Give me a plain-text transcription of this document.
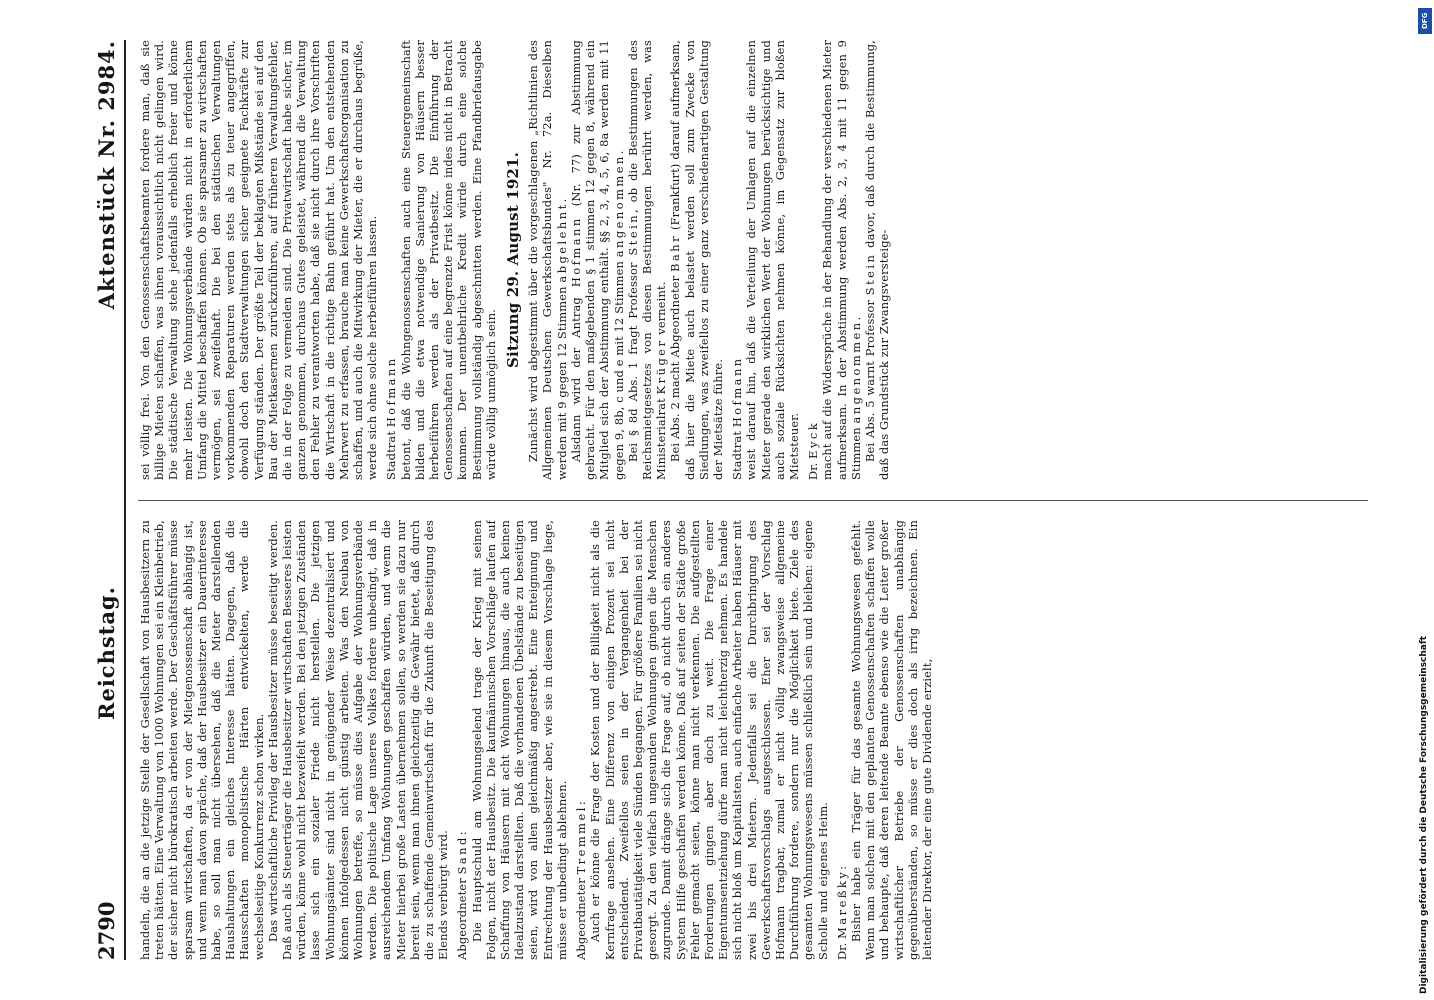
2790
Reichstag.
Aktenstück Nr. 2984.

handeln, die an die jetzige Stelle der Gesellschaft von Hausbesitzern zu treten hätten. Eine Verwaltung von 1000 Wohnungen sei ein Kleinbetrieb, der sicher nicht bürokratisch arbeiten werde. Der Geschäftsführer müsse sparsam wirtschaften, da er von der Mietgenossenschaft abhängig ist, und wenn man davon spräche, daß der Hausbesitzer ein Dauerinteresse habe, so soll man nicht übersehen, daß die Mieter darstellenden Haushaltungen ein gleiches Interesse hätten. Dagegen, daß die Hausschaften monopolistische Härten entwickelten, werde die wechselseitige Konkurrenz schon wirken. Das wirtschaftliche Privileg der Hausbesitzer müsse beseitigt werden. Daß auch als Steuerträger die Hausbesitzer wirtschaften Besseres leisten würden, könne wohl nicht bezweifelt werden. Bei den jetzigen Zuständen lasse sich ein sozialer Friede nicht herstellen. Die jetzigen Wohnungsämter sind nicht in genügender Weise dezentralisiert und können infolgedessen nicht günstig arbeiten. Was den Neubau von Wohnungen betreffe, so müsse dies Aufgabe der Wohnungsverbände werden. Die politische Lage unseres Volkes fordere unbedingt, daß in ausreichendem Umfang Wohnungen geschaffen würden, und wenn die Mieter hierbei große Lasten übernehmen sollen, so werden sie dazu nur bereit sein, wenn man ihnen gleichzeitig die Gewähr bietet, daß durch die zu schaffende Gemeinwirtschaft für die Zukunft die Beseitigung des Elends verbürgt wird. Abgeordneter Sand: Die Hauptschuld am Wohnungselend trage der Krieg mit seinen Folgen, nicht der Hausbesitz. Die kaufmännischen Vorschläge laufen auf Schaffung von Häusern mit acht Wohnungen hinaus, die auch keinen Idealzustand darstellten. Daß die vorhandenen Übelstände zu beseitigen seien, wird von allen gleichmäßig angestrebt. Eine Enteignung und Entrechtung der Hausbesitzer aber, wie sie in diesem Vorschlage liege, müsse er unbedingt ablehnen. Abgeordneter Tremmel: Auch er könne die Frage der Kosten und der Billigkeit nicht als die Kernfrage ansehen. Eine Differenz von einigen Prozent sei nicht entscheidend. Zweifellos seien in der Vergangenheit bei der Privatbautätigkeit viele Sünden begangen. Für größere Familien sei nicht gesorgt. Zu den vielfach ungesunden Wohnungen gingen die Menschen zugrunde. Damit dränge sich die Frage auf, ob nicht durch ein anderes System Hilfe geschaffen werden könne. Daß auf seiten der Städte große Fehler gemacht seien, könne man nicht verkennen. Die aufgestellten Forderungen gingen aber doch zu weit. Die Frage einer Eigentumsentziehung dürfe man nicht leichtherzig nehmen. Es handele sich nicht bloß um Kapitalisten, auch einfache Arbeiter haben Häuser mit zwei bis drei Mietern. Jedenfalls sei die Durchbringung des Gewerkschaftsvorschlags ausgeschlossen. Eher sei der Vorschlag Hofmann tragbar, zumal er nicht völlig zwangsweise allgemeine Durchführung fordere, sondern nur die Möglichkeit biete. Ziele des gesamten Wohnungswesens müssen schließlich sein und bleiben: eigene Scholle und eigenes Heim. Dr. Mareßky: Bisher habe ein Träger für das gesamte Wohnungswesen gefehlt. Wenn man solchen mit den geplanten Genossenschaften schaffen wolle und behaupte, daß deren leitende Beamte ebenso wie die Leiter großer wirtschaftlicher Betriebe der Genossenschaften unabhängig gegenüberständen, so müsse er dies doch als irrig bezeichnen. Ein leitender Direktor, der eine gute Dividende erzielt,

sei völlig frei. Von den Genossenschaftsbeamten fordere man, daß sie billige Mieten schaffen, was ihnen voraussichtlich nicht gelingen wird. Die städtische Verwaltung stehe jedenfalls erheblich freier und könne mehr leisten. Die Wohnungsverbände würden nicht in erforderlichem Umfang die Mittel beschaffen können. Ob sie sparsamer zu wirtschaften vermögen, sei zweifelhaft. Die bei den städtischen Verwaltungen vorkommenden Reparaturen werden stets als zu teuer angegriffen, obwohl doch den Stadtverwaltungen sicher geeignete Fachkräfte zur Verfügung ständen. Der größte Teil der beklagten Mißstände sei auf den Bau der Mietkasernen zurückzuführen, auf früheren Verwaltungsfehler, die in der Folge zu vermeiden sind. Die Privatwirtschaft habe sicher, im ganzen genommen, durchaus Gutes geleistet, während die Verwaltung den Fehler zu verantworten habe, daß sie nicht durch ihre Vorschriften die Wirtschaft in die richtige Bahn geführt hat. Um den entstehenden Mehrwert zu erfassen, brauche man keine Gewerkschaftsorganisation zu schaffen, und auch die Mitwirkung der Mieter, die er durchaus begrüße, werde sich ohne solche herbeiführen lassen. Stadtrat Hofmann betont, daß die Wohngenossenschaften auch eine Steuergemeinschaft bilden und die etwa notwendige Sanierung von Häusern besser herbeiführen werden als der Privatbesitz. Die Einführung der Genossenschaften auf eine begrenzte Frist könne indes nicht in Betracht kommen. Der unentbehrliche Kredit würde durch eine solche Bestimmung vollständig abgeschnitten werden. Eine Pfandbriefausgabe würde völlig unmöglich sein.

Sitzung 29. August 1921. Zunächst wird abgestimmt über die vorgeschlagenen „Richtlinien des Allgemeinen Deutschen Gewerkschaftsbundes" Nr. 72a. Dieselben werden mit 9 gegen 12 Stimmen abgelehnt.

Alsdann wird der Antrag Hofmann (Nr. 77) zur Abstimmung gebracht. Für den maßgebenden § 1 stimmen 12 gegen 8, während ein Mitglied sich der Abstimmung enthält. §§ 2, 3, 4, 5, 6, 8a werden mit 11 gegen 9, 8b, c und e mit 12 Stimmen angenommen.

Bei § 8d Abs. 1 fragt Professor Stein, ob die Bestimmungen des Reichsmietgesetzes von diesen Bestimmungen berührt werden, was Ministerialrat Krüger verneint. Bei Abs. 2 macht Abgeordneter Bahr (Frankfurt) darauf aufmerksam, daß hier die Miete auch belastet werden soll zum Zwecke von Siedlungen, was zweifellos zu einer ganz verschiedenartigen Gestaltung der Mietsätze führe. Stadtrat Hofmann weist darauf hin, daß die Verteilung der Umlagen auf die einzelnen Mieter gerade den wirklichen Wert der Wohnungen berücksichtige und auch soziale Rücksichten nehmen könne, im Gegensatz zur bloßen Mietsteuer. Dr. Eyck macht auf die Widersprüche in der Behandlung der verschiedenen Mieter aufmerksam. In der Abstimmung werden Abs. 2, 3, 4 mit 11 gegen 9 Stimmen angenommen. Bei Abs. 5 warnt Professor Stein davor, daß durch die Bestimmung, daß das Grundstück zur Zwangsversteige-

Digitalisierung gefördert durch die Deutsche Forschungsgemeinschaft
DFG
